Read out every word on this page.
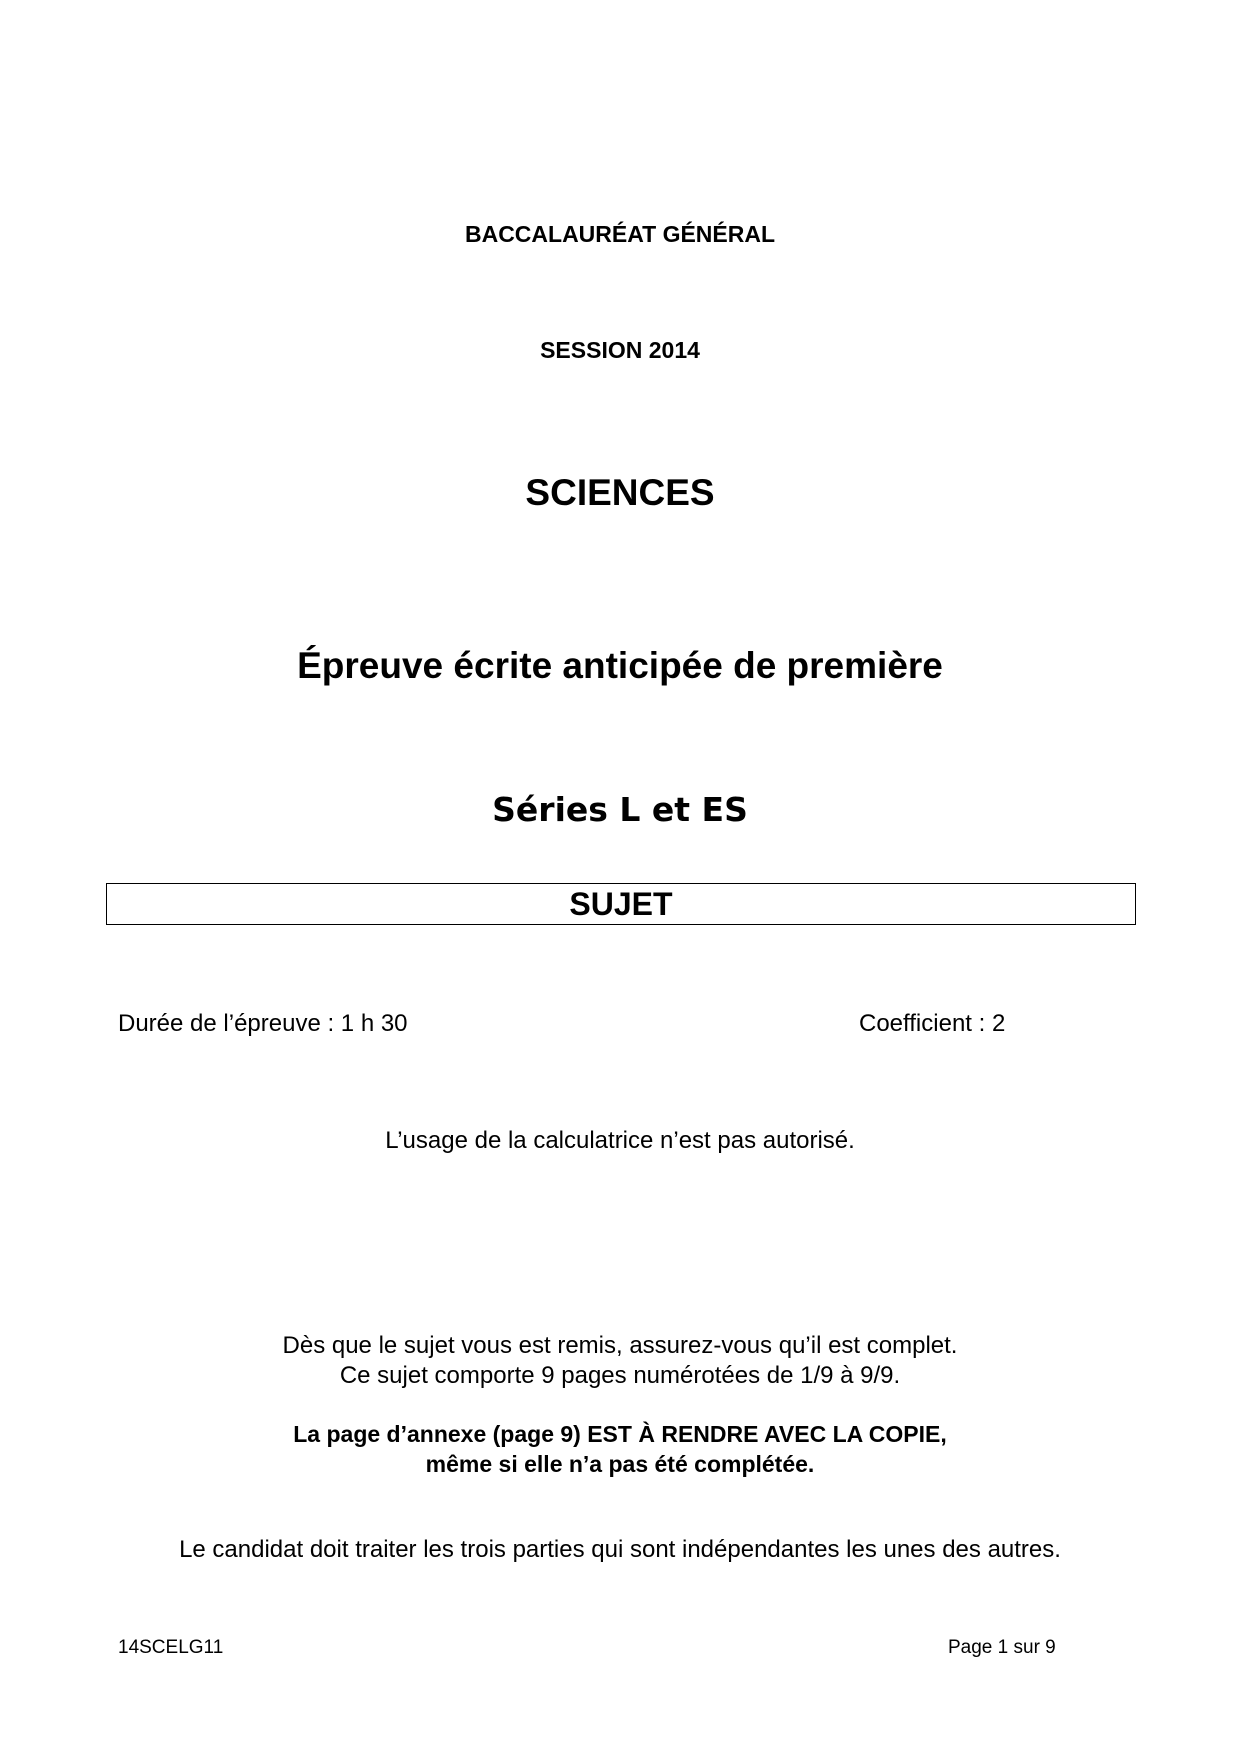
BACCALAURÉAT GÉNÉRAL
SESSION 2014
SCIENCES
Épreuve écrite anticipée de première
Séries L et ES
SUJET
Durée de l’épreuve : 1 h 30	Coefficient : 2
L’usage de la calculatrice n’est pas autorisé.
Dès que le sujet vous est remis, assurez-vous qu’il est complet.
Ce sujet comporte 9 pages numérotées de 1/9 à 9/9.
La page d’annexe (page 9) EST À RENDRE AVEC LA COPIE,
même si elle n’a pas été complétée.
Le candidat doit traiter les trois parties qui sont indépendantes les unes des autres.
14SCELG11	Page 1 sur 9
